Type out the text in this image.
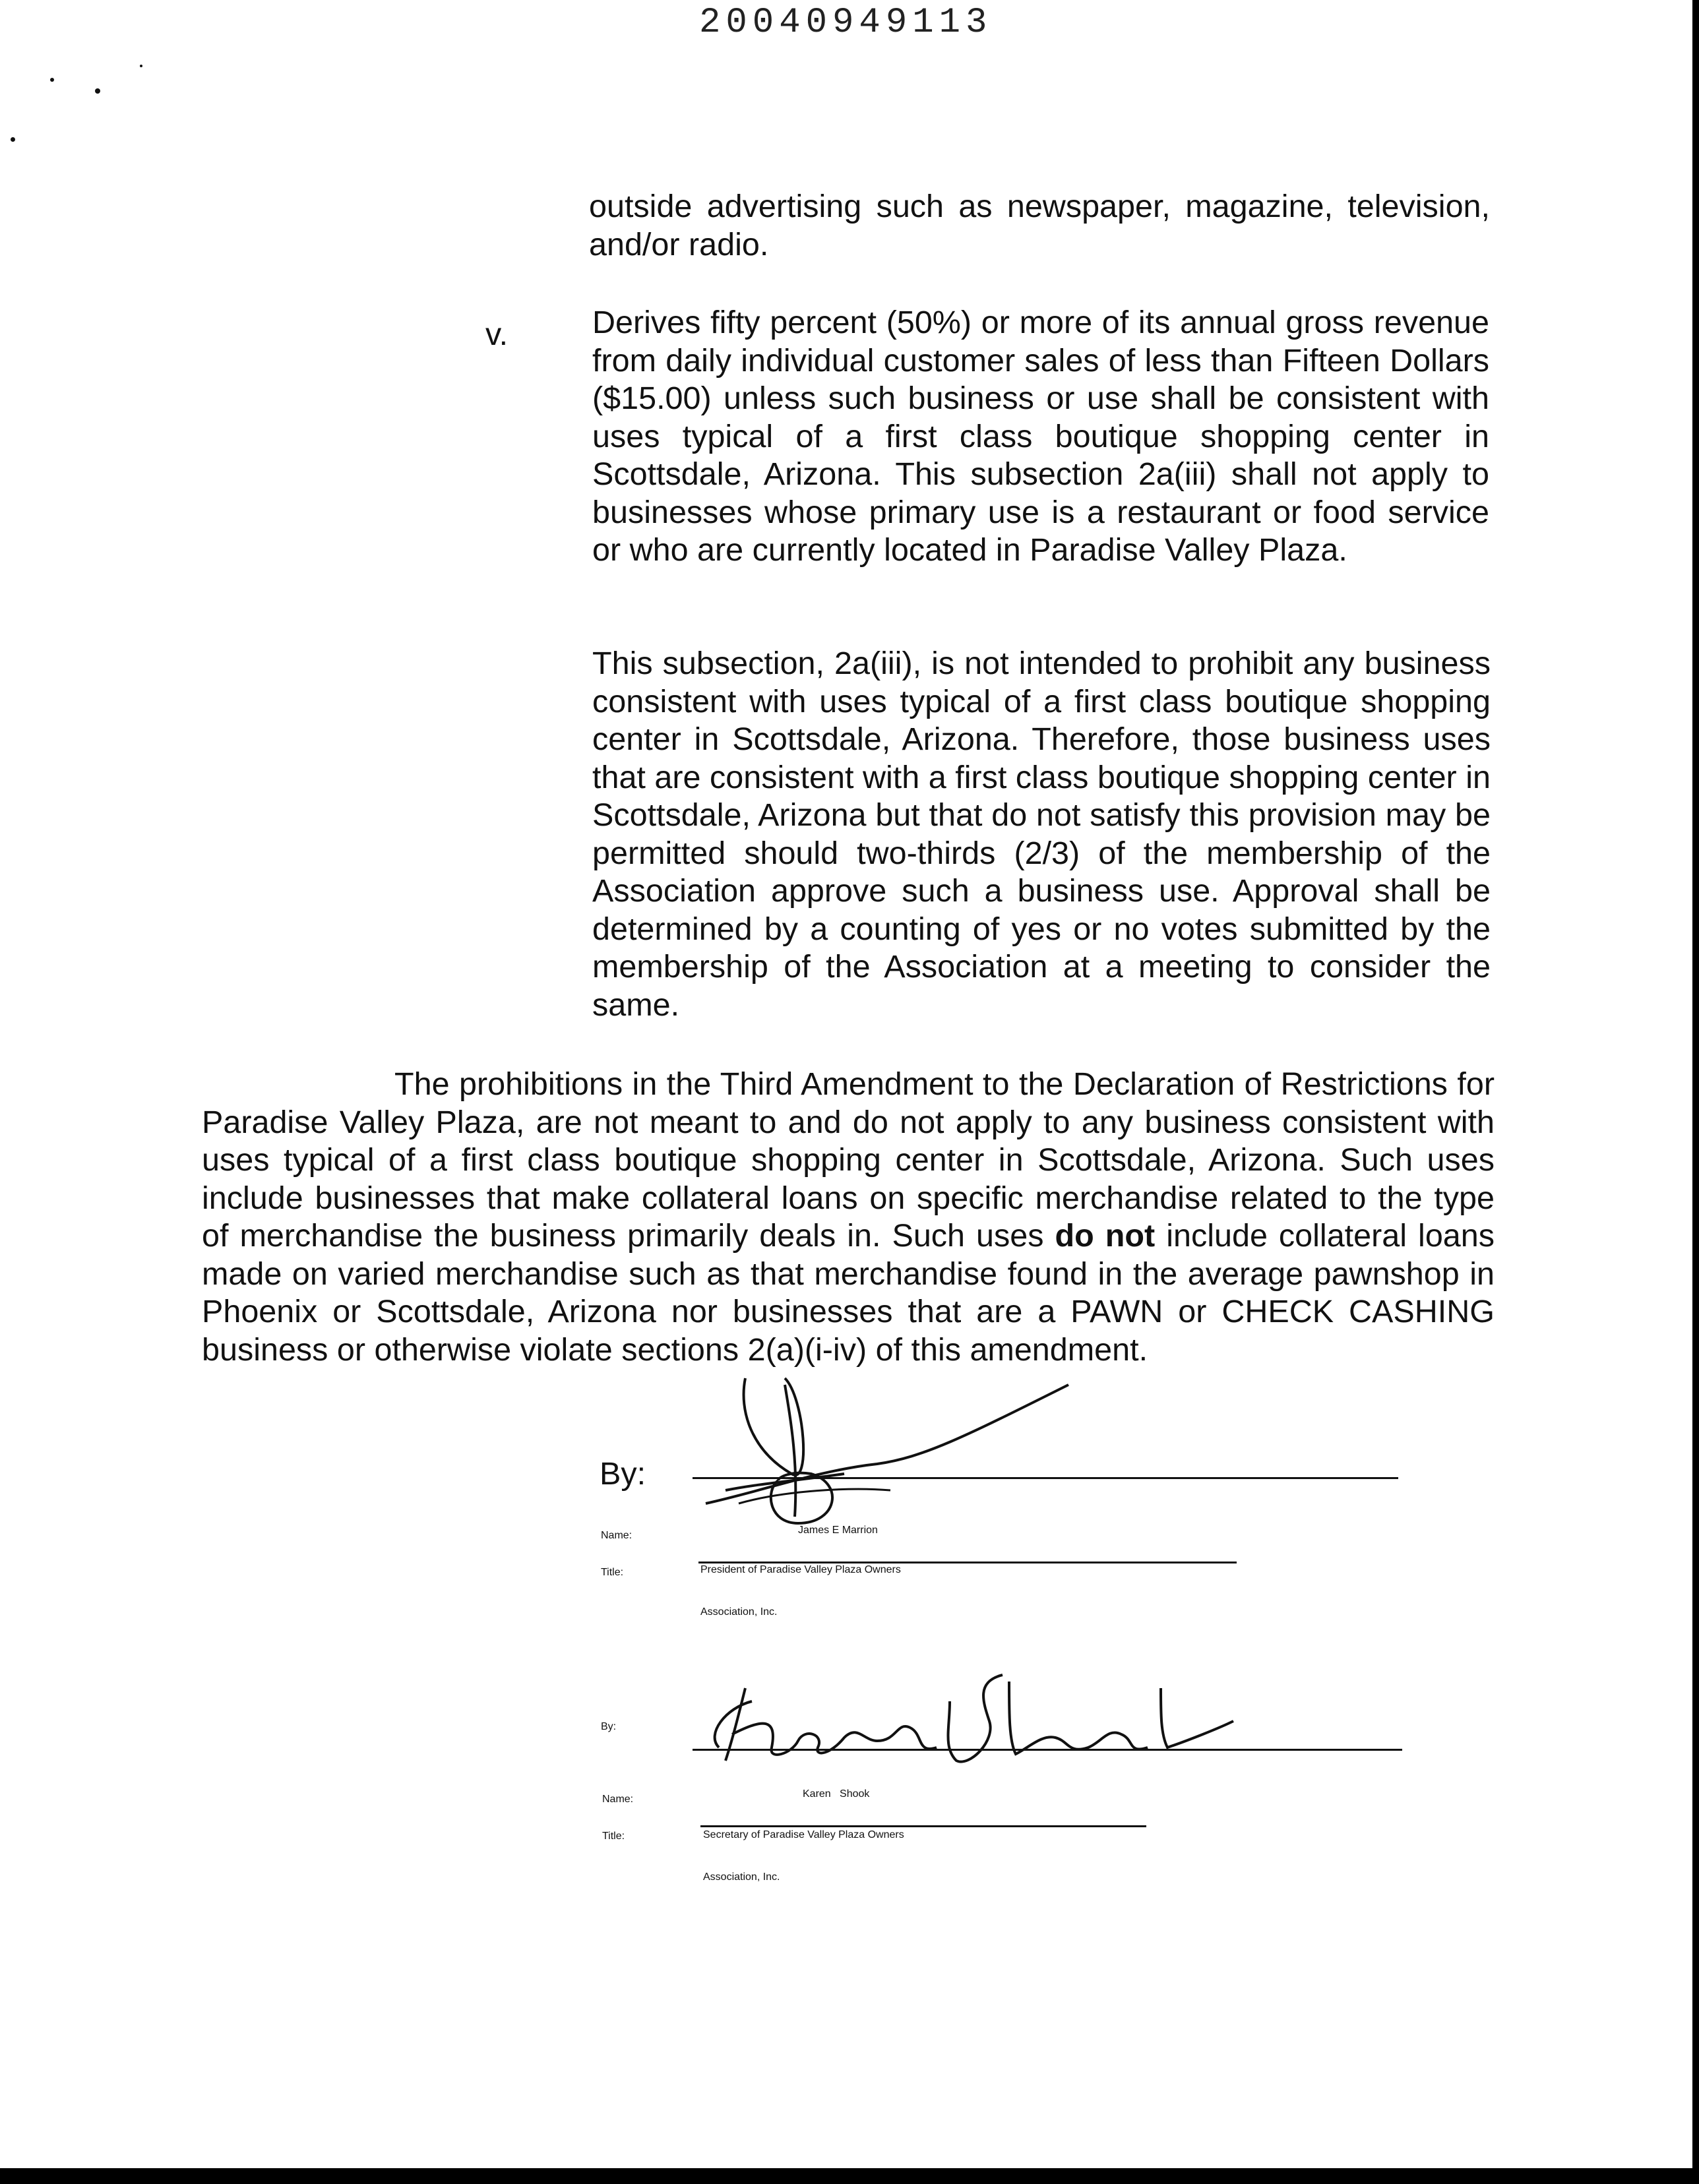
20040949113

outside advertising such as newspaper, magazine, television, and/or radio.

v.	Derives fifty percent (50%) or more of its annual gross revenue from daily individual customer sales of less than Fifteen Dollars ($15.00) unless such business or use shall be consistent with uses typical of a first class boutique shopping center in Scottsdale, Arizona. This subsection 2a(iii) shall not apply to businesses whose primary use is a restaurant or food service or who are currently located in Paradise Valley Plaza.

This subsection, 2a(iii), is not intended to prohibit any business consistent with uses typical of a first class boutique shopping center in Scottsdale, Arizona. Therefore, those business uses that are consistent with a first class boutique shopping center in Scottsdale, Arizona but that do not satisfy this provision may be permitted should two-thirds (2/3) of the membership of the Association approve such a business use. Approval shall be determined by a counting of yes or no votes submitted by the membership of the Association at a meeting to consider the same.

The prohibitions in the Third Amendment to the Declaration of Restrictions for Paradise Valley Plaza, are not meant to and do not apply to any business consistent with uses typical of a first class boutique shopping center in Scottsdale, Arizona. Such uses include businesses that make collateral loans on specific merchandise related to the type of merchandise the business primarily deals in. Such uses do not include collateral loans made on varied merchandise such as that merchandise found in the average pawnshop in Phoenix or Scottsdale, Arizona nor businesses that are a PAWN or CHECK CASHING business or otherwise violate sections 2(a)(i-iv) of this amendment.

By:
Name:	James E Marrion
Title:	President of Paradise Valley Plaza Owners
Association, Inc.
By:
Name:	Karen   Shook
Title:	Secretary of Paradise Valley Plaza Owners
Association, Inc.
